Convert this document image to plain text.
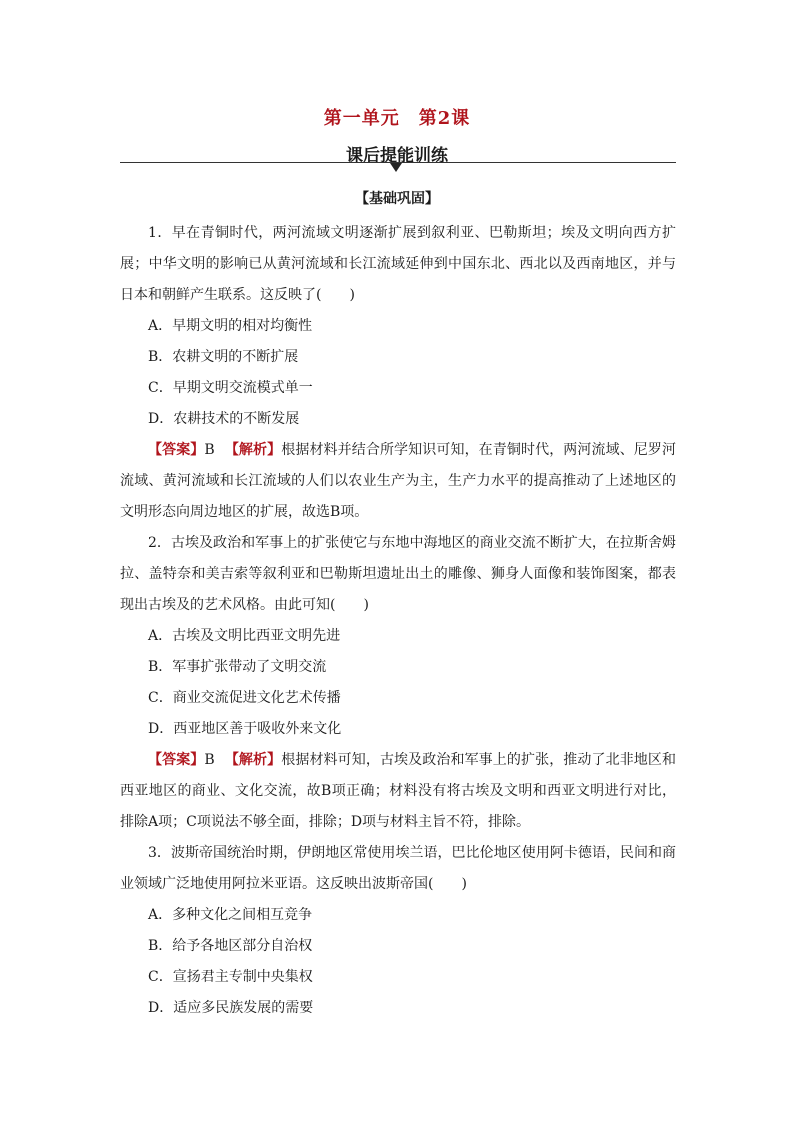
第一单元　第2课
课后提能训练
【基础巩固】

1．早在青铜时代，两河流域文明逐渐扩展到叙利亚、巴勒斯坦；埃及文明向西方扩展；中华文明的影响已从黄河流域和长江流域延伸到中国东北、西北以及西南地区，并与日本和朝鲜产生联系。这反映了(　　)

A．早期文明的相对均衡性

B．农耕文明的不断扩展

C．早期文明交流模式单一

D．农耕技术的不断发展

【答案】B 【解析】根据材料并结合所学知识可知，在青铜时代，两河流域、尼罗河流域、黄河流域和长江流域的人们以农业生产为主，生产力水平的提高推动了上述地区的文明形态向周边地区的扩展，故选B项。

2．古埃及政治和军事上的扩张使它与东地中海地区的商业交流不断扩大，在拉斯舍姆拉、盖特奈和美吉索等叙利亚和巴勒斯坦遗址出土的雕像、狮身人面像和装饰图案，都表现出古埃及的艺术风格。由此可知(　　)

A．古埃及文明比西亚文明先进

B．军事扩张带动了文明交流

C．商业交流促进文化艺术传播

D．西亚地区善于吸收外来文化

【答案】B 【解析】根据材料可知，古埃及政治和军事上的扩张，推动了北非地区和西亚地区的商业、文化交流，故B项正确；材料没有将古埃及文明和西亚文明进行对比，排除A项；C项说法不够全面，排除；D项与材料主旨不符，排除。

3．波斯帝国统治时期，伊朗地区常使用埃兰语，巴比伦地区使用阿卡德语，民间和商业领域广泛地使用阿拉米亚语。这反映出波斯帝国(　　)

A．多种文化之间相互竞争

B．给予各地区部分自治权

C．宣扬君主专制中央集权

D．适应多民族发展的需要
